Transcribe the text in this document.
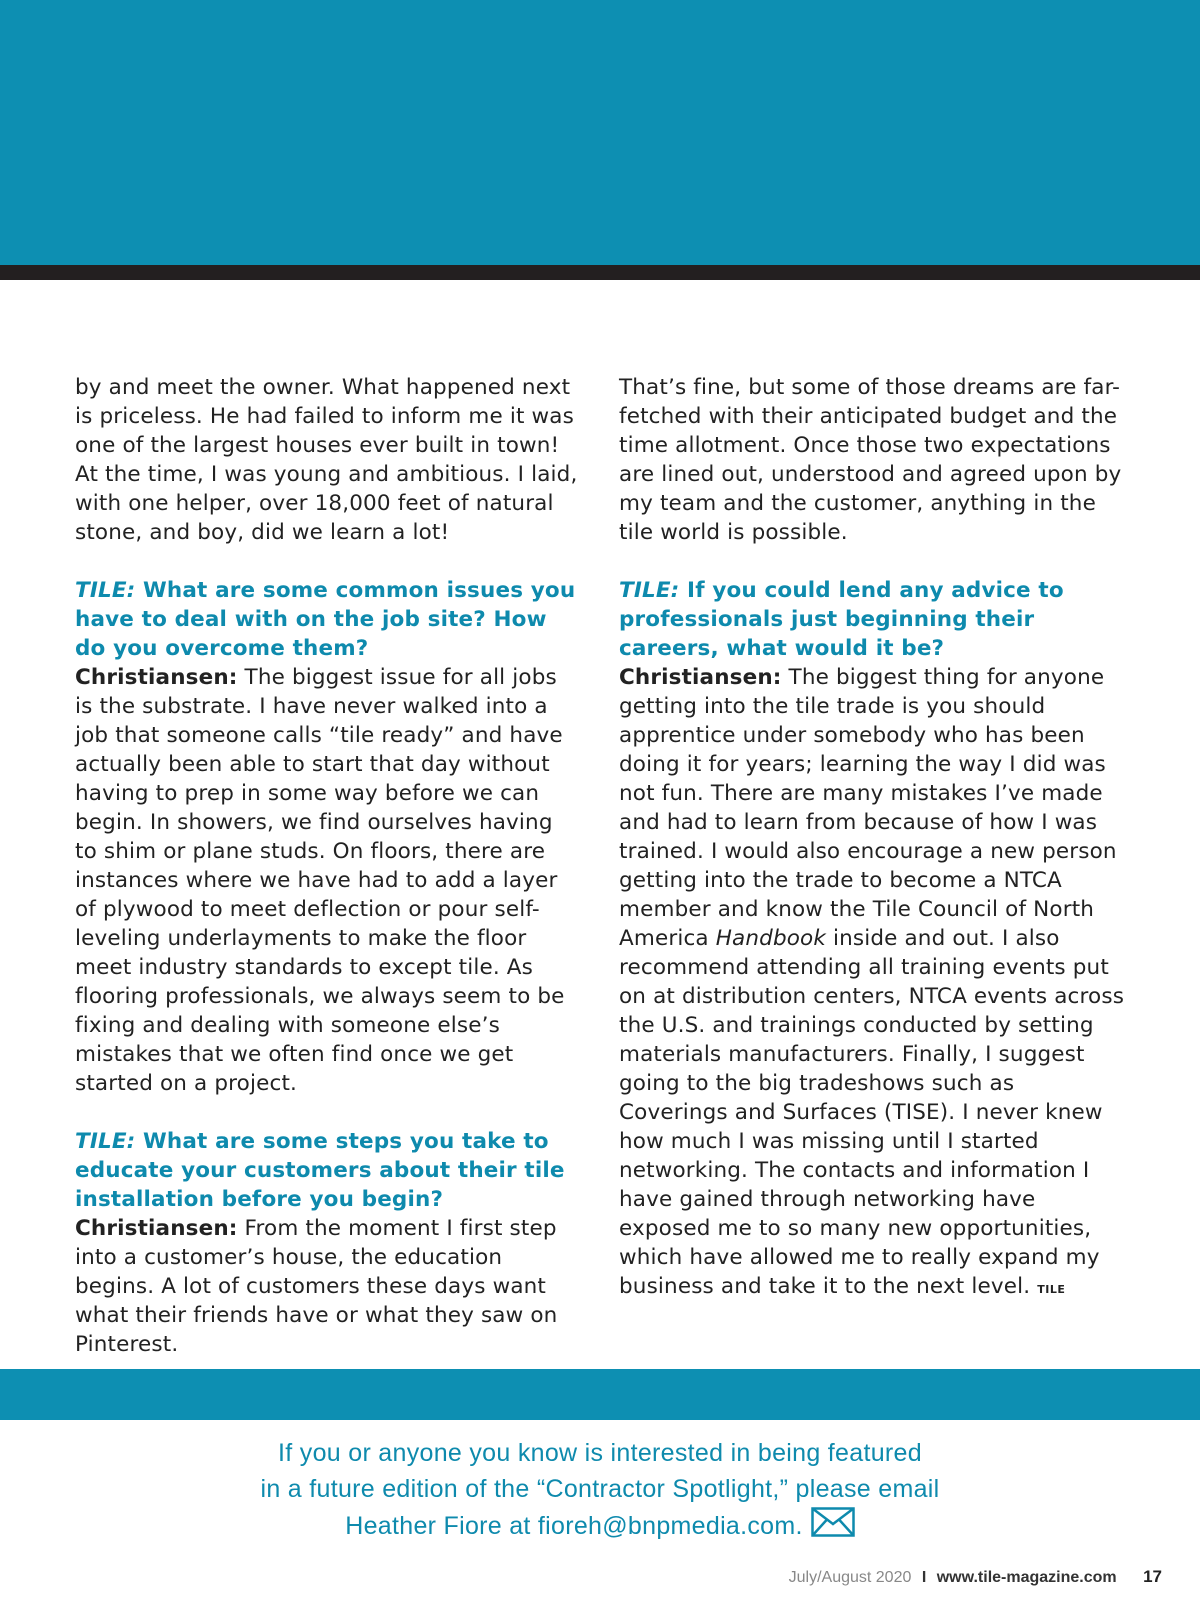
by and meet the owner. What happened next is priceless. He had failed to inform me it was one of the largest houses ever built in town! At the time, I was young and ambitious. I laid, with one helper, over 18,000 feet of natural stone, and boy, did we learn a lot!

TILE: What are some common issues you have to deal with on the job site? How do you overcome them?

Christiansen: The biggest issue for all jobs is the substrate. I have never walked into a job that someone calls “tile ready” and have actually been able to start that day without having to prep in some way before we can begin. In showers, we find ourselves having to shim or plane studs. On floors, there are instances where we have had to add a layer of plywood to meet deflection or pour self-leveling underlayments to make the floor meet industry standards to except tile. As flooring professionals, we always seem to be fixing and dealing with someone else’s mistakes that we often find once we get started on a project.

TILE: What are some steps you take to educate your customers about their tile installation before you begin?

Christiansen: From the moment I first step into a customer’s house, the education begins. A lot of customers these days want what their friends have or what they saw on Pinterest.

That’s fine, but some of those dreams are far-fetched with their anticipated budget and the time allotment. Once those two expectations are lined out, understood and agreed upon by my team and the customer, anything in the tile world is possible.

TILE: If you could lend any advice to professionals just beginning their careers, what would it be?

Christiansen: The biggest thing for anyone getting into the tile trade is you should apprentice under somebody who has been doing it for years; learning the way I did was not fun. There are many mistakes I’ve made and had to learn from because of how I was trained. I would also encourage a new person getting into the trade to become a NTCA member and know the Tile Council of North America Handbook inside and out. I also recommend attending all training events put on at distribution centers, NTCA events across the U.S. and trainings conducted by setting materials manufacturers. Finally, I suggest going to the big tradeshows such as Coverings and Surfaces (TISE). I never knew how much I was missing until I started networking. The contacts and information I have gained through networking have exposed me to so many new opportunities, which have allowed me to really expand my business and take it to the next level. TILE

If you or anyone you know is interested in being featured
in a future edition of the “Contractor Spotlight,” please email
Heather Fiore at fioreh@bnpmedia.com.
July/August 2020 I www.tile-magazine.com 17
